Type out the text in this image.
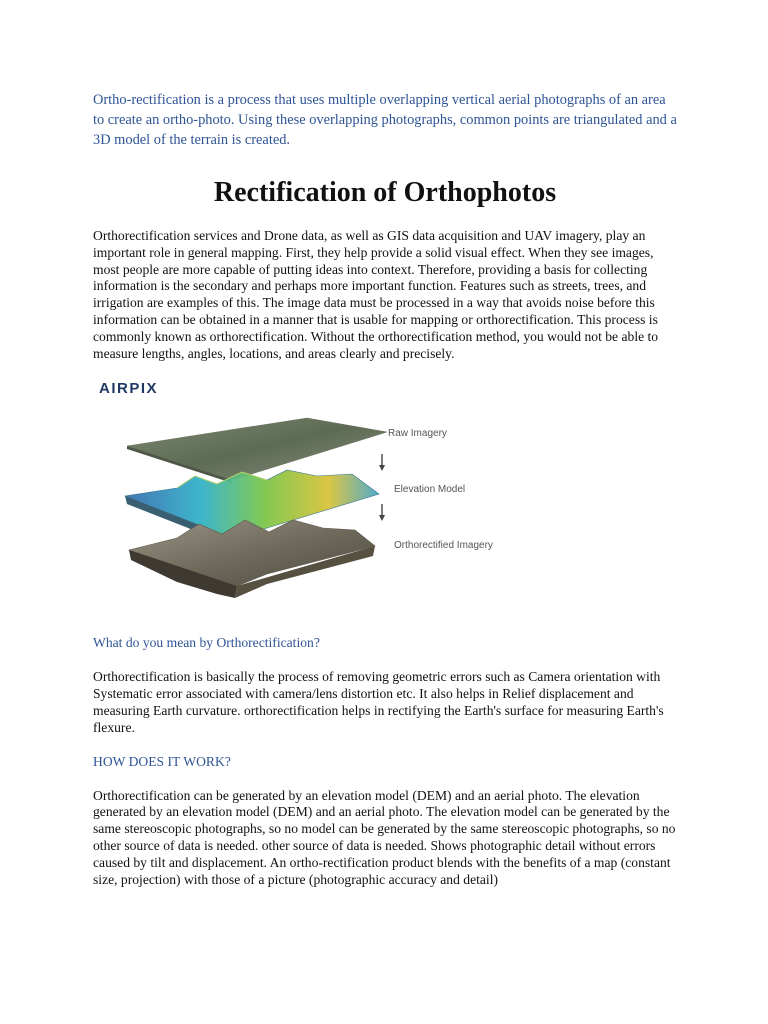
Ortho-rectification is a process that uses multiple overlapping vertical aerial photographs of an area to create an ortho-photo. Using these overlapping photographs, common points are triangulated and a 3D model of the terrain is created.

Rectification of Orthophotos

Orthorectification services and Drone data, as well as GIS data acquisition and UAV imagery, play an important role in general mapping. First, they help provide a solid visual effect. When they see images, most people are more capable of putting ideas into context. Therefore, providing a basis for collecting information is the secondary and perhaps more important function. Features such as streets, trees, and irrigation are examples of this. The image data must be processed in a way that avoids noise before this information can be obtained in a manner that is usable for mapping or orthorectification. This process is commonly known as orthorectification. Without the orthorectification method, you would not be able to measure lengths, angles, locations, and areas clearly and precisely.

AIRPIX
Raw Imagery
Elevation Model
Orthorectified Imagery

What do you mean by Orthorectification?

Orthorectification is basically the process of removing geometric errors such as Camera orientation with Systematic error associated with camera/lens distortion etc. It also helps in Relief displacement and measuring Earth curvature. orthorectification helps in rectifying the Earth's surface for measuring Earth's flexure.

HOW DOES IT WORK?

Orthorectification can be generated by an elevation model (DEM) and an aerial photo. The elevation generated by an elevation model (DEM) and an aerial photo. The elevation model can be generated by the same stereoscopic photographs, so no model can be generated by the same stereoscopic photographs, so no other source of data is needed. other source of data is needed. Shows photographic detail without errors caused by tilt and displacement. An ortho-rectification product blends with the benefits of a map (constant size, projection) with those of a picture (photographic accuracy and detail)
